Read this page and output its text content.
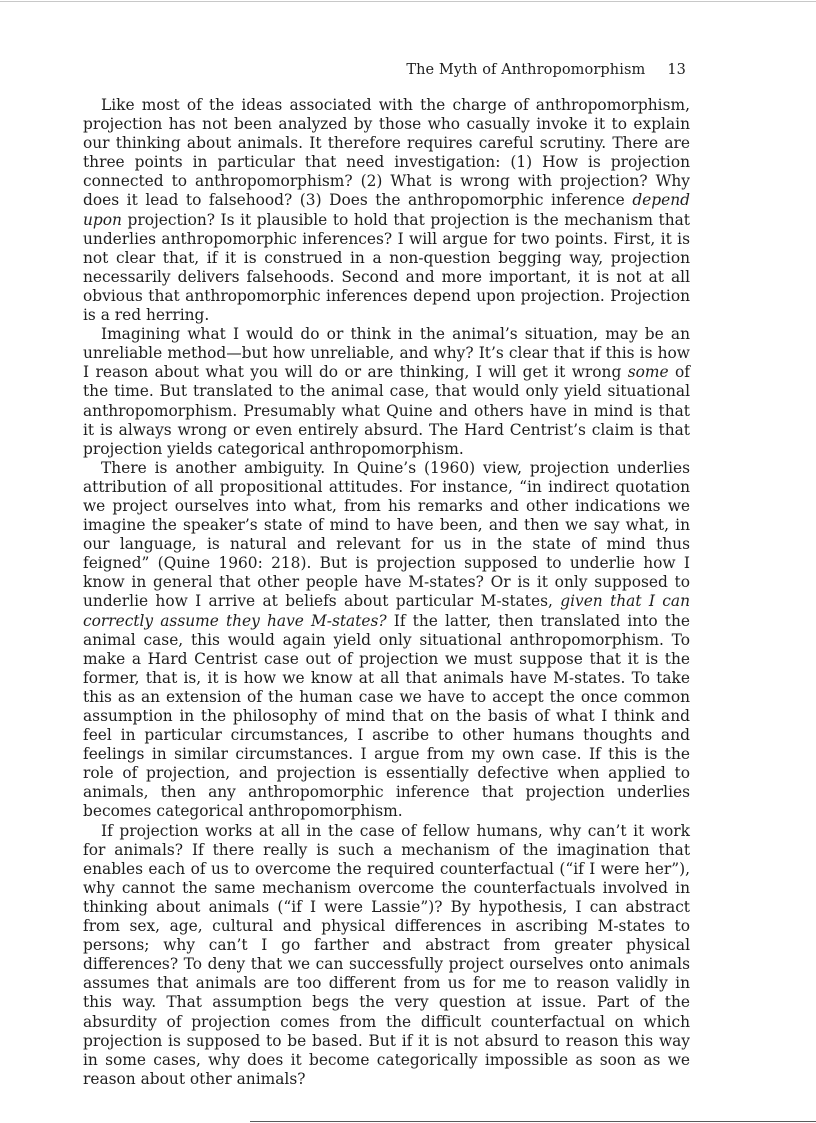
The Myth of Anthropomorphism 13

Like most of the ideas associated with the charge of anthropomorphism, projection has not been analyzed by those who casually invoke it to explain our thinking about animals. It therefore requires careful scrutiny. There are three points in particular that need investigation: (1) How is projection connected to anthropomorphism? (2) What is wrong with projection? Why does it lead to falsehood? (3) Does the anthropomorphic inference depend upon projection? Is it plausible to hold that projection is the mechanism that underlies anthropomorphic inferences? I will argue for two points. First, it is not clear that, if it is construed in a non-question begging way, projection necessarily delivers falsehoods. Second and more important, it is not at all obvious that anthropomorphic inferences depend upon projection. Projection is a red herring.

Imagining what I would do or think in the animal’s situation, may be an unreliable method—but how unreliable, and why? It’s clear that if this is how I reason about what you will do or are thinking, I will get it wrong some of the time. But translated to the animal case, that would only yield situational anthropomorphism. Presumably what Quine and others have in mind is that it is always wrong or even entirely absurd. The Hard Centrist’s claim is that projection yields categorical anthropomorphism.

There is another ambiguity. In Quine’s (1960) view, projection underlies attribution of all propositional attitudes. For instance, “in indirect quotation we project ourselves into what, from his remarks and other indications we imagine the speaker’s state of mind to have been, and then we say what, in our language, is natural and relevant for us in the state of mind thus feigned” (Quine 1960: 218). But is projection supposed to underlie how I know in general that other people have M-states? Or is it only supposed to underlie how I arrive at beliefs about particular M-states, given that I can correctly assume they have M-states? If the latter, then translated into the animal case, this would again yield only situational anthropomorphism. To make a Hard Centrist case out of projection we must suppose that it is the former, that is, it is how we know at all that animals have M-states. To take this as an extension of the human case we have to accept the once common assumption in the philosophy of mind that on the basis of what I think and feel in particular circumstances, I ascribe to other humans thoughts and feelings in similar circumstances. I argue from my own case. If this is the role of projection, and projection is essentially defective when applied to animals, then any anthropomorphic inference that projection underlies becomes categorical anthropomorphism.

If projection works at all in the case of fellow humans, why can’t it work for animals? If there really is such a mechanism of the imagination that enables each of us to overcome the required counterfactual (“if I were her”), why cannot the same mechanism overcome the counterfactuals involved in thinking about animals (“if I were Lassie”)? By hypothesis, I can abstract from sex, age, cultural and physical differences in ascribing M-states to persons; why can’t I go farther and abstract from greater physical differences? To deny that we can successfully project ourselves onto animals assumes that animals are too different from us for me to reason validly in this way. That assumption begs the very question at issue. Part of the absurdity of projection comes from the difficult counterfactual on which projection is supposed to be based. But if it is not absurd to reason this way in some cases, why does it become categorically impossible as soon as we reason about other animals?
